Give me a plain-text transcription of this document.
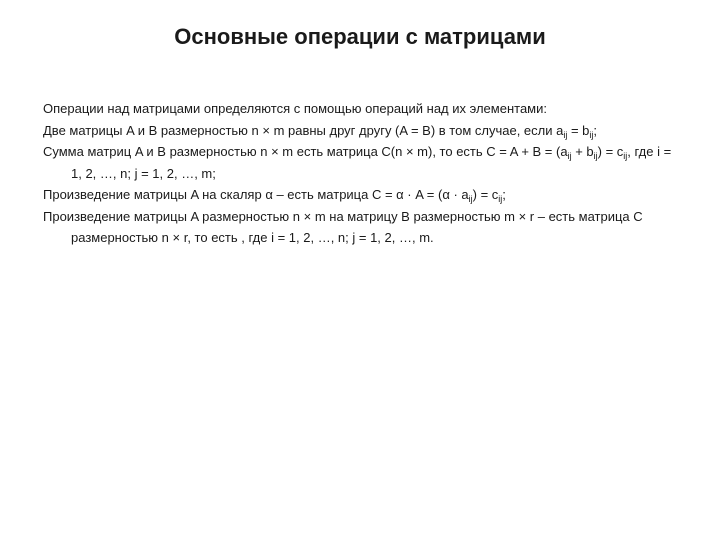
Основные операции с матрицами

Операции над матрицами определяются с помощью операций над их элементами:

Две матрицы A и B размерностью n × m равны друг другу (A = B) в том случае, если $a_{ij} = b_{ij}$;

Сумма матриц A и B размерностью n × m есть матрица C(n × m), то есть $C = A + B = (a_{ij} + b_{ij}) = c_{ij}$, где i = 1, 2, …, n; j = 1, 2, …, m;

Произведение матрицы A на скаляр α – есть матрица $C = \alpha \cdot A = (\alpha \cdot a_{ij}) = c_{ij}$;

Произведение матрицы A размерностью n × m на матрицу B размерностью m × r – есть матрица C размерностью n × r, то есть , где i = 1, 2, …, n; j = 1, 2, …, m.
